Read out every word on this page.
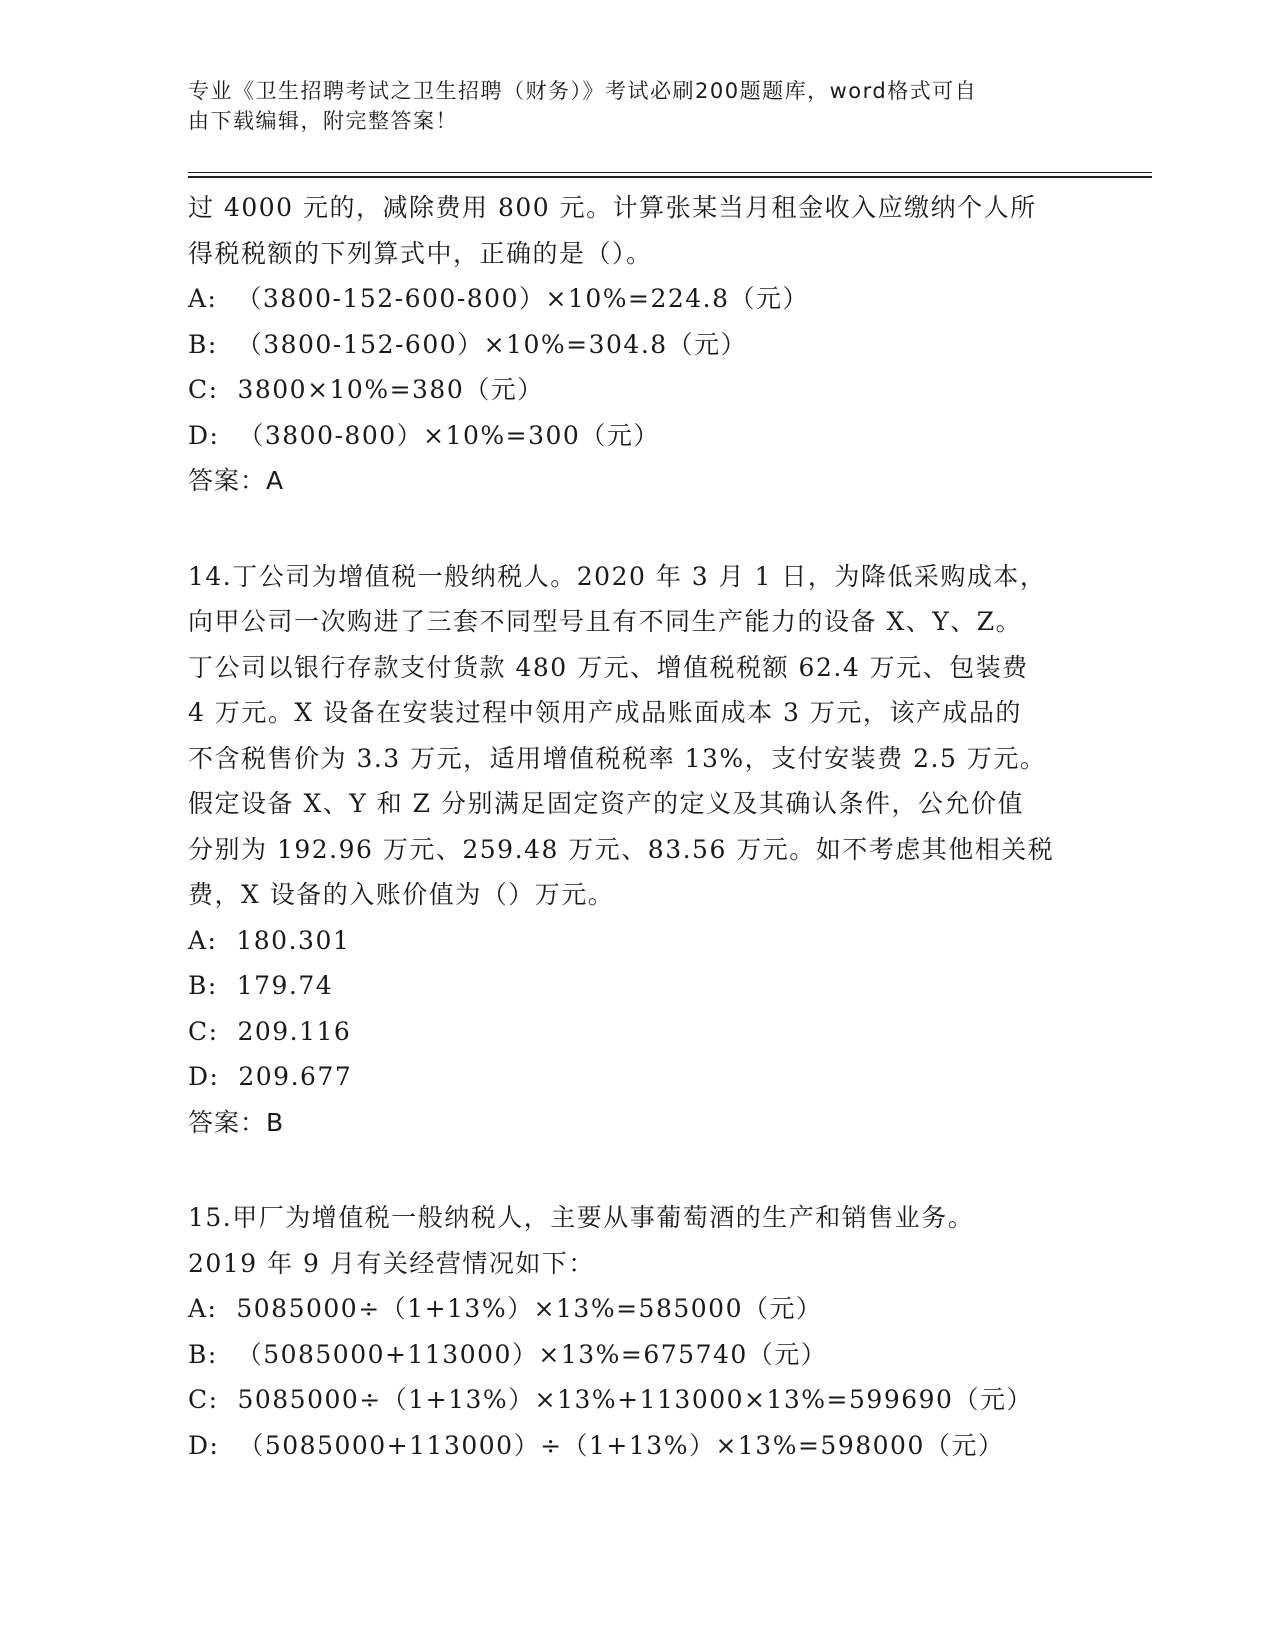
专业《卫生招聘考试之卫生招聘（财务）》考试必刷200题题库，word格式可自
由下载编辑，附完整答案！
过 4000 元的，减除费用 800 元。计算张某当月租金收入应缴纳个人所
得税税额的下列算式中，正确的是（）。
A:  （3800-152-600-800）×10%=224.8（元）
B:  （3800-152-600）×10%=304.8（元）
C:  3800×10%=380（元）
D:  （3800-800）×10%=300（元）
答案：A
14.丁公司为增值税一般纳税人。2020 年 3 月 1 日，为降低采购成本，
向甲公司一次购进了三套不同型号且有不同生产能力的设备 X、Y、Z。
丁公司以银行存款支付货款 480 万元、增值税税额 62.4 万元、包装费
4 万元。X 设备在安装过程中领用产成品账面成本 3 万元，该产成品的
不含税售价为 3.3 万元，适用增值税税率 13%，支付安装费 2.5 万元。
假定设备 X、Y 和 Z 分别满足固定资产的定义及其确认条件，公允价值
分别为 192.96 万元、259.48 万元、83.56 万元。如不考虑其他相关税
费，X 设备的入账价值为（）万元。
A:  180.301
B:  179.74
C:  209.116
D:  209.677
答案：B
15.甲厂为增值税一般纳税人，主要从事葡萄酒的生产和销售业务。
2019 年 9 月有关经营情况如下：
A:  5085000÷（1+13%）×13%=585000（元）
B:  （5085000+113000）×13%=675740（元）
C:  5085000÷（1+13%）×13%+113000×13%=599690（元）
D:  （5085000+113000）÷（1+13%）×13%=598000（元）
